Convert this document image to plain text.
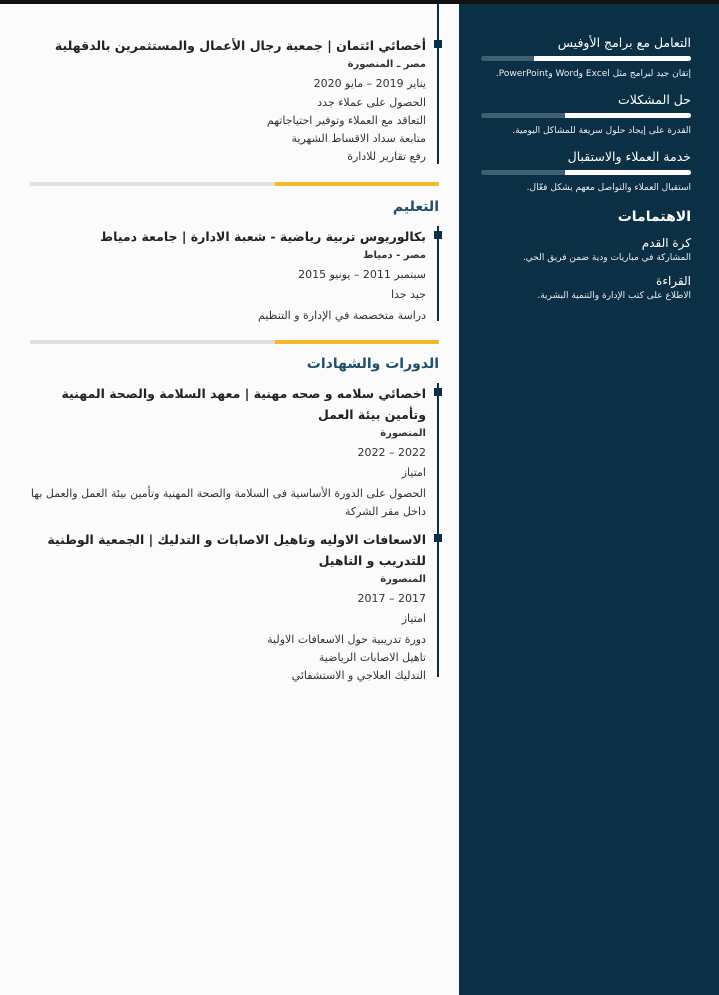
التعامل مع برامج الأوفيس
إتقان جيد لبرامج مثل Excel وWord وPowerPoint.
حل المشكلات
القدرة على إيجاد حلول سريعة للمشاكل اليومية.
خدمة العملاء والاستقبال
استقبال العملاء والتواصل معهم بشكل فعّال.
الاهتمامات
كرة القدم
المشاركة في مباريات ودية ضمن فريق الحي.
القراءة
الاطلاع على كتب الإدارة والتنمية البشرية.
أخصائي ائتمان | جمعية رجال الأعمال والمستثمرين بالدقهلية
مصر ـ المنصورة
يناير 2019 – مايو 2020
الحصول على عملاء جدد
التعاقد مع العملاء وتوفير احتياجاتهم
متابعة سداد الاقساط الشهرية
رفع تقارير للادارة
التعليم
بكالوريوس تربية رياضية - شعبة الادارة | جامعة دمياط
مصر - دمياط
سبتمبر 2011 – يونيو 2015
جيد جدا
دراسة متخصصة في الإدارة و التنظيم
الدورات والشهادات
اخصائي سلامه و صحه مهنية | معهد السلامة والصحة المهنية وتأمين بيئة العمل
المنصورة
2022 – 2022
امتياز
الحصول على الدورة الأساسية فى السلامة والصحة المهنية وتأمين بيئة العمل والعمل بها داخل مقر الشركة
الاسعافات الاوليه وتاهيل الاصابات و التدليك | الجمعية الوطنية للتدريب و التاهيل
المنصورة
2017 – 2017
امتياز
دورة تدريبية حول الاسعافات الاولية
تاهيل الاصابات الرياضية
التدليك العلاجي و الاستشفائي
